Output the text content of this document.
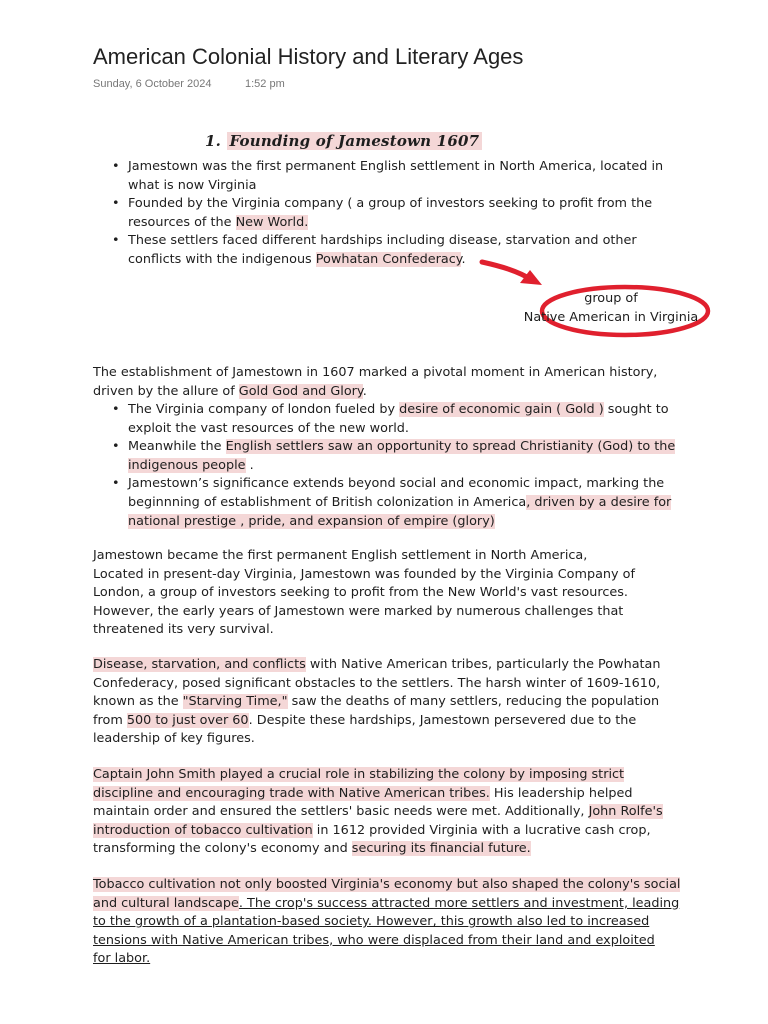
American Colonial History and Literary Ages
Sunday, 6 October 2024	1:52 pm
1. Founding of Jamestown 1607
• Jamestown was the first permanent English settlement in North America, located in
what is now Virginia
• Founded by the Virginia company ( a group of investors seeking to profit from the
resources of the New World.
• These settlers faced different hardships including disease, starvation and other
conflicts with the indigenous Powhatan Confederacy.
group of
Native American in Virginia
The establishment of Jamestown in 1607 marked a pivotal moment in American history,
driven by the allure of Gold God and Glory.
• The Virginia company of london fueled by desire of economic gain ( Gold ) sought to
exploit the vast resources of the new world.
• Meanwhile the English settlers saw an opportunity to spread Christianity (God) to the
indigenous people .
• Jamestown’s significance extends beyond social and economic impact, marking the
beginnning of establishment of British colonization in America, driven by a desire for
national prestige , pride, and expansion of empire (glory)
Jamestown became the first permanent English settlement in North America,
Located in present-day Virginia, Jamestown was founded by the Virginia Company of
London, a group of investors seeking to profit from the New World's vast resources.
However, the early years of Jamestown were marked by numerous challenges that
threatened its very survival.
Disease, starvation, and conflicts with Native American tribes, particularly the Powhatan
Confederacy, posed significant obstacles to the settlers. The harsh winter of 1609-1610,
known as the "Starving Time," saw the deaths of many settlers, reducing the population
from 500 to just over 60. Despite these hardships, Jamestown persevered due to the
leadership of key figures.
Captain John Smith played a crucial role in stabilizing the colony by imposing strict
discipline and encouraging trade with Native American tribes. His leadership helped
maintain order and ensured the settlers' basic needs were met. Additionally, John Rolfe's
introduction of tobacco cultivation in 1612 provided Virginia with a lucrative cash crop,
transforming the colony's economy and securing its financial future.
Tobacco cultivation not only boosted Virginia's economy but also shaped the colony's social
and cultural landscape. The crop's success attracted more settlers and investment, leading
to the growth of a plantation-based society. However, this growth also led to increased
tensions with Native American tribes, who were displaced from their land and exploited
for labor.
